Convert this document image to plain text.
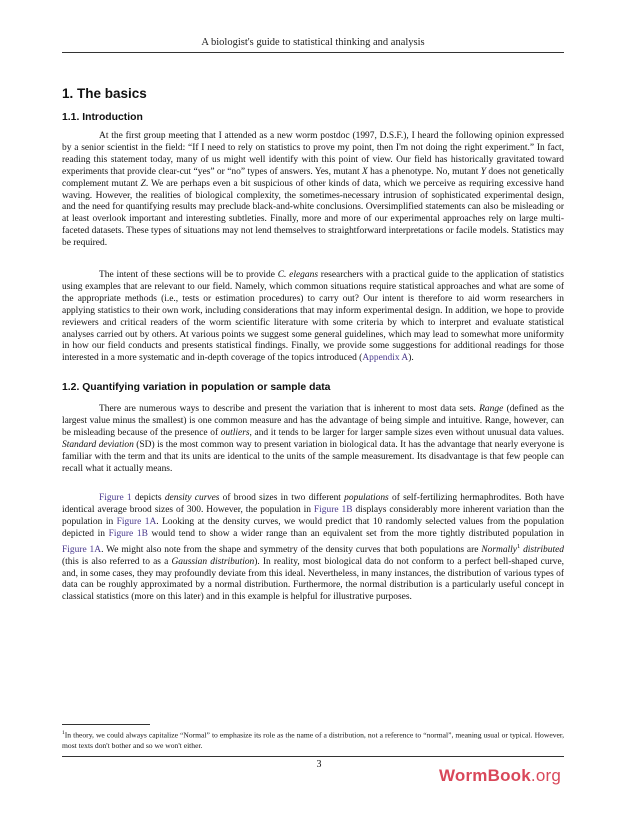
A biologist's guide to statistical thinking and analysis
1. The basics
1.1. Introduction

At the first group meeting that I attended as a new worm postdoc (1997, D.S.F.), I heard the following opinion expressed by a senior scientist in the field: “If I need to rely on statistics to prove my point, then I'm not doing the right experiment.” In fact, reading this statement today, many of us might well identify with this point of view. Our field has historically gravitated toward experiments that provide clear-cut “yes” or “no” types of answers. Yes, mutant X has a phenotype. No, mutant Y does not genetically complement mutant Z. We are perhaps even a bit suspicious of other kinds of data, which we perceive as requiring excessive hand waving. However, the realities of biological complexity, the sometimes-necessary intrusion of sophisticated experimental design, and the need for quantifying results may preclude black-and-white conclusions. Oversimplified statements can also be misleading or at least overlook important and interesting subtleties. Finally, more and more of our experimental approaches rely on large multi-faceted datasets. These types of situations may not lend themselves to straightforward interpretations or facile models. Statistics may be required.

The intent of these sections will be to provide C. elegans researchers with a practical guide to the application of statistics using examples that are relevant to our field. Namely, which common situations require statistical approaches and what are some of the appropriate methods (i.e., tests or estimation procedures) to carry out? Our intent is therefore to aid worm researchers in applying statistics to their own work, including considerations that may inform experimental design. In addition, we hope to provide reviewers and critical readers of the worm scientific literature with some criteria by which to interpret and evaluate statistical analyses carried out by others. At various points we suggest some general guidelines, which may lead to somewhat more uniformity in how our field conducts and presents statistical findings. Finally, we provide some suggestions for additional readings for those interested in a more systematic and in-depth coverage of the topics introduced (Appendix A).

1.2. Quantifying variation in population or sample data

There are numerous ways to describe and present the variation that is inherent to most data sets. Range (defined as the largest value minus the smallest) is one common measure and has the advantage of being simple and intuitive. Range, however, can be misleading because of the presence of outliers, and it tends to be larger for larger sample sizes even without unusual data values. Standard deviation (SD) is the most common way to present variation in biological data. It has the advantage that nearly everyone is familiar with the term and that its units are identical to the units of the sample measurement. Its disadvantage is that few people can recall what it actually means.

Figure 1 depicts density curves of brood sizes in two different populations of self-fertilizing hermaphrodites. Both have identical average brood sizes of 300. However, the population in Figure 1B displays considerably more inherent variation than the population in Figure 1A. Looking at the density curves, we would predict that 10 randomly selected values from the population depicted in Figure 1B would tend to show a wider range than an equivalent set from the more tightly distributed population in Figure 1A. We might also note from the shape and symmetry of the density curves that both populations are Normally$^1$ distributed (this is also referred to as a Gaussian distribution). In reality, most biological data do not conform to a perfect bell-shaped curve, and, in some cases, they may profoundly deviate from this ideal. Nevertheless, in many instances, the distribution of various types of data can be roughly approximated by a normal distribution. Furthermore, the normal distribution is a particularly useful concept in classical statistics (more on this later) and in this example is helpful for illustrative purposes.

$^1$In theory, we could always capitalize “Normal” to emphasize its role as the name of a distribution, not a reference to “normal”, meaning usual or typical. However, most texts don't bother and so we won't either.

3
WormBook.org
